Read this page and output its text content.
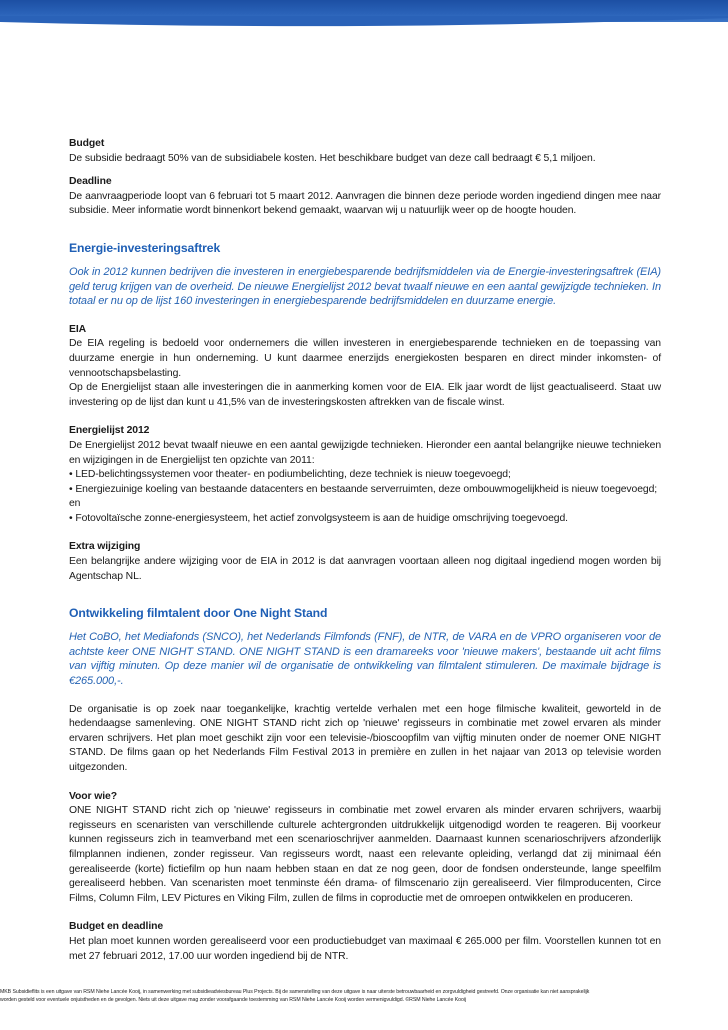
Budget

De subsidie bedraagt 50% van de subsidiabele kosten. Het beschikbare budget van deze call bedraagt € 5,1 miljoen.

Deadline

De aanvraagperiode loopt van 6 februari tot 5 maart 2012. Aanvragen die binnen deze periode worden ingediend dingen mee naar subsidie. Meer informatie wordt binnenkort bekend gemaakt, waarvan wij u natuurlijk weer op de hoogte houden.

Energie-investeringsaftrek

Ook in 2012 kunnen bedrijven die investeren in energiebesparende bedrijfsmiddelen via de Energie-investeringsaftrek (EIA) geld terug krijgen van de overheid. De nieuwe Energielijst 2012 bevat twaalf nieuwe en een aantal gewijzigde technieken. In totaal er nu op de lijst 160 investeringen in energiebesparende bedrijfsmiddelen en duurzame energie.

EIA

De EIA regeling is bedoeld voor ondernemers die willen investeren in energiebesparende technieken en de toepassing van duurzame energie in hun onderneming. U kunt daarmee enerzijds energiekosten besparen en direct minder inkomsten- of vennootschapsbelasting.

Op de Energielijst staan alle investeringen die in aanmerking komen voor de EIA. Elk jaar wordt de lijst geactualiseerd. Staat uw investering op de lijst dan kunt u 41,5% van de investeringskosten aftrekken van de fiscale winst.

Energielijst 2012

De Energielijst 2012 bevat twaalf nieuwe en een aantal gewijzigde technieken. Hieronder een aantal belangrijke nieuwe technieken en wijzigingen in de Energielijst ten opzichte van 2011:

• LED-belichtingssystemen voor theater- en podiumbelichting, deze techniek is nieuw toegevoegd;

• Energiezuinige koeling van bestaande datacenters en bestaande serverruimten, deze ombouwmogelijkheid is nieuw toegevoegd; en

• Fotovoltaïsche zonne-energiesysteem, het actief zonvolgsysteem is aan de huidige omschrijving toegevoegd.

Extra wijziging

Een belangrijke andere wijziging voor de EIA in 2012 is dat aanvragen voortaan alleen nog digitaal ingediend mogen worden bij Agentschap NL.

Ontwikkeling filmtalent door One Night Stand

Het CoBO, het Mediafonds (SNCO), het Nederlands Filmfonds (FNF), de NTR, de VARA en de VPRO organiseren voor de achtste keer ONE NIGHT STAND. ONE NIGHT STAND is een dramareeks voor 'nieuwe makers', bestaande uit acht films van vijftig minuten. Op deze manier wil de organisatie de ontwikkeling van filmtalent stimuleren. De maximale bijdrage is €265.000,-.

De organisatie is op zoek naar toegankelijke, krachtig vertelde verhalen met een hoge filmische kwaliteit, geworteld in de hedendaagse samenleving. ONE NIGHT STAND richt zich op 'nieuwe' regisseurs in combinatie met zowel ervaren als minder ervaren schrijvers. Het plan moet geschikt zijn voor een televisie-/bioscoopfilm van vijftig minuten onder de noemer ONE NIGHT STAND. De films gaan op het Nederlands Film Festival 2013 in première en zullen in het najaar van 2013 op televisie worden uitgezonden.

Voor wie?

ONE NIGHT STAND richt zich op 'nieuwe' regisseurs in combinatie met zowel ervaren als minder ervaren schrijvers, waarbij regisseurs en scenaristen van verschillende culturele achtergronden uitdrukkelijk uitgenodigd worden te reageren. Bij voorkeur kunnen regisseurs zich in teamverband met een scenarioschrijver aanmelden. Daarnaast kunnen scenarioschrijvers afzonderlijk filmplannen indienen, zonder regisseur. Van regisseurs wordt, naast een relevante opleiding, verlangd dat zij minimaal één gerealiseerde (korte) fictiefilm op hun naam hebben staan en dat ze nog geen, door de fondsen ondersteunde, lange speelfilm gerealiseerd hebben. Van scenaristen moet tenminste één drama- of filmscenario zijn gerealiseerd. Vier filmproducenten, Circe Films, Column Film, LEV Pictures en Viking Film, zullen de films in coproductie met de omroepen ontwikkelen en produceren.

Budget en deadline

Het plan moet kunnen worden gerealiseerd voor een productiebudget van maximaal € 265.000 per film. Voorstellen kunnen tot en met 27 februari 2012, 17.00 uur worden ingediend bij de NTR.

MKB Subsidieflits is een uitgave van RSM Niehe Lancée Kooij, in samenwerking met subsidieadviesbureau Plus Projects. Bij de samenstelling van deze uitgave is naar uiterste betrouwbaarheid en zorgvuldigheid gestreefd. Onze organisatie kan niet aansprakelijk
worden gesteld voor eventuele onjuistheden en de gevolgen. Niets uit deze uitgave mag zonder voorafgaande toestemming van RSM Niehe Lancée Kooij worden vermenigvuldigd. ©RSM Niehe Lancée Kooij
